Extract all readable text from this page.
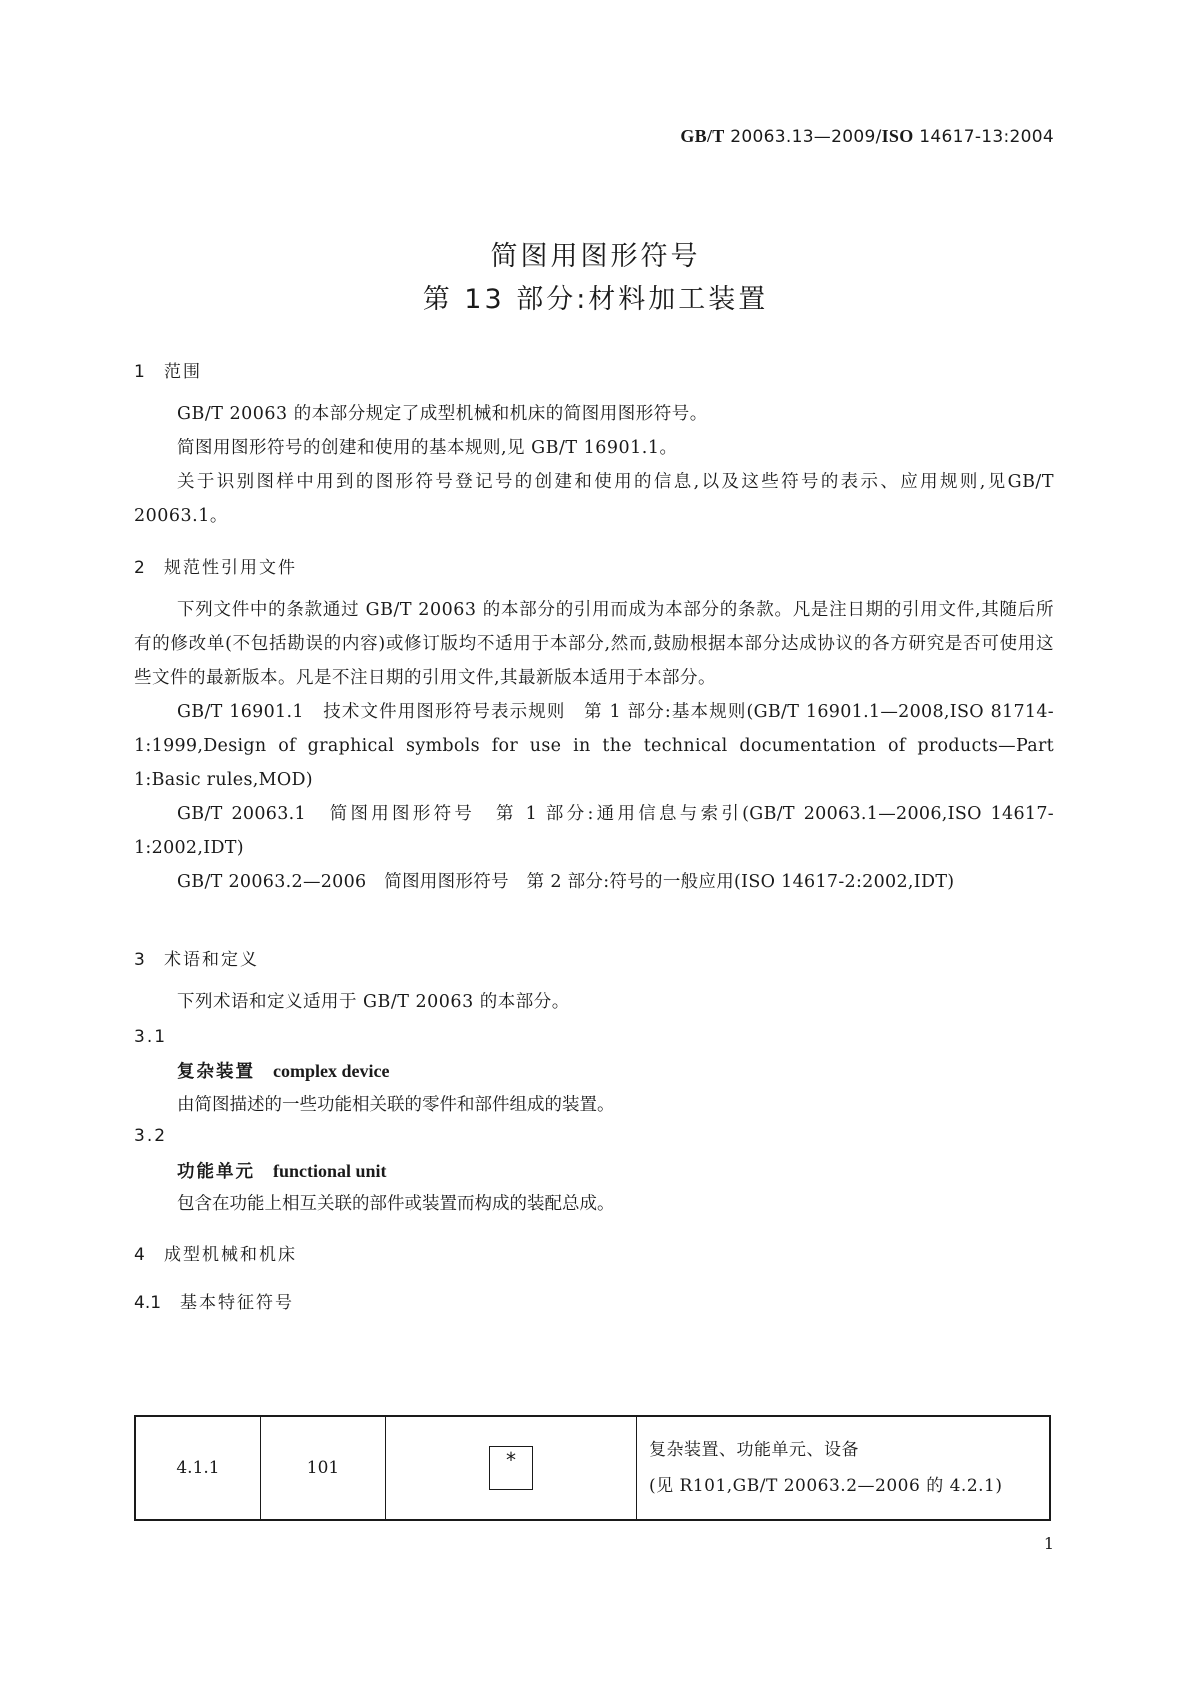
GB/T 20063.13—2009/ISO 14617-13:2004
简图用图形符号
第 13 部分:材料加工装置
1 范围
GB/T 20063 的本部分规定了成型机械和机床的简图用图形符号。
简图用图形符号的创建和使用的基本规则,见 GB/T 16901.1。
关于识别图样中用到的图形符号登记号的创建和使用的信息,以及这些符号的表示、应用规则,见GB/T 20063.1。
2 规范性引用文件
下列文件中的条款通过 GB/T 20063 的本部分的引用而成为本部分的条款。凡是注日期的引用文件,其随后所有的修改单(不包括勘误的内容)或修订版均不适用于本部分,然而,鼓励根据本部分达成协议的各方研究是否可使用这些文件的最新版本。凡是不注日期的引用文件,其最新版本适用于本部分。
GB/T 16901.1　技术文件用图形符号表示规则　第 1 部分:基本规则(GB/T 16901.1—2008,ISO 81714-1:1999,Design of graphical symbols for use in the technical documentation of products—Part 1:Basic rules,MOD)
GB/T 20063.1　简图用图形符号　第 1 部分:通用信息与索引(GB/T 20063.1—2006,ISO 14617-1:2002,IDT)
GB/T 20063.2—2006　简图用图形符号　第 2 部分:符号的一般应用(ISO 14617-2:2002,IDT)
3 术语和定义
下列术语和定义适用于 GB/T 20063 的本部分。
3.1
复杂装置 complex device
由简图描述的一些功能相关联的零件和部件组成的装置。
3.2
功能单元 functional unit
包含在功能上相互关联的部件或装置而构成的装配总成。
4 成型机械和机床
4.1 基本特征符号
4.1.1	101	*	复杂装置、功能单元、设备
(见 R101,GB/T 20063.2—2006 的 4.2.1)
1
